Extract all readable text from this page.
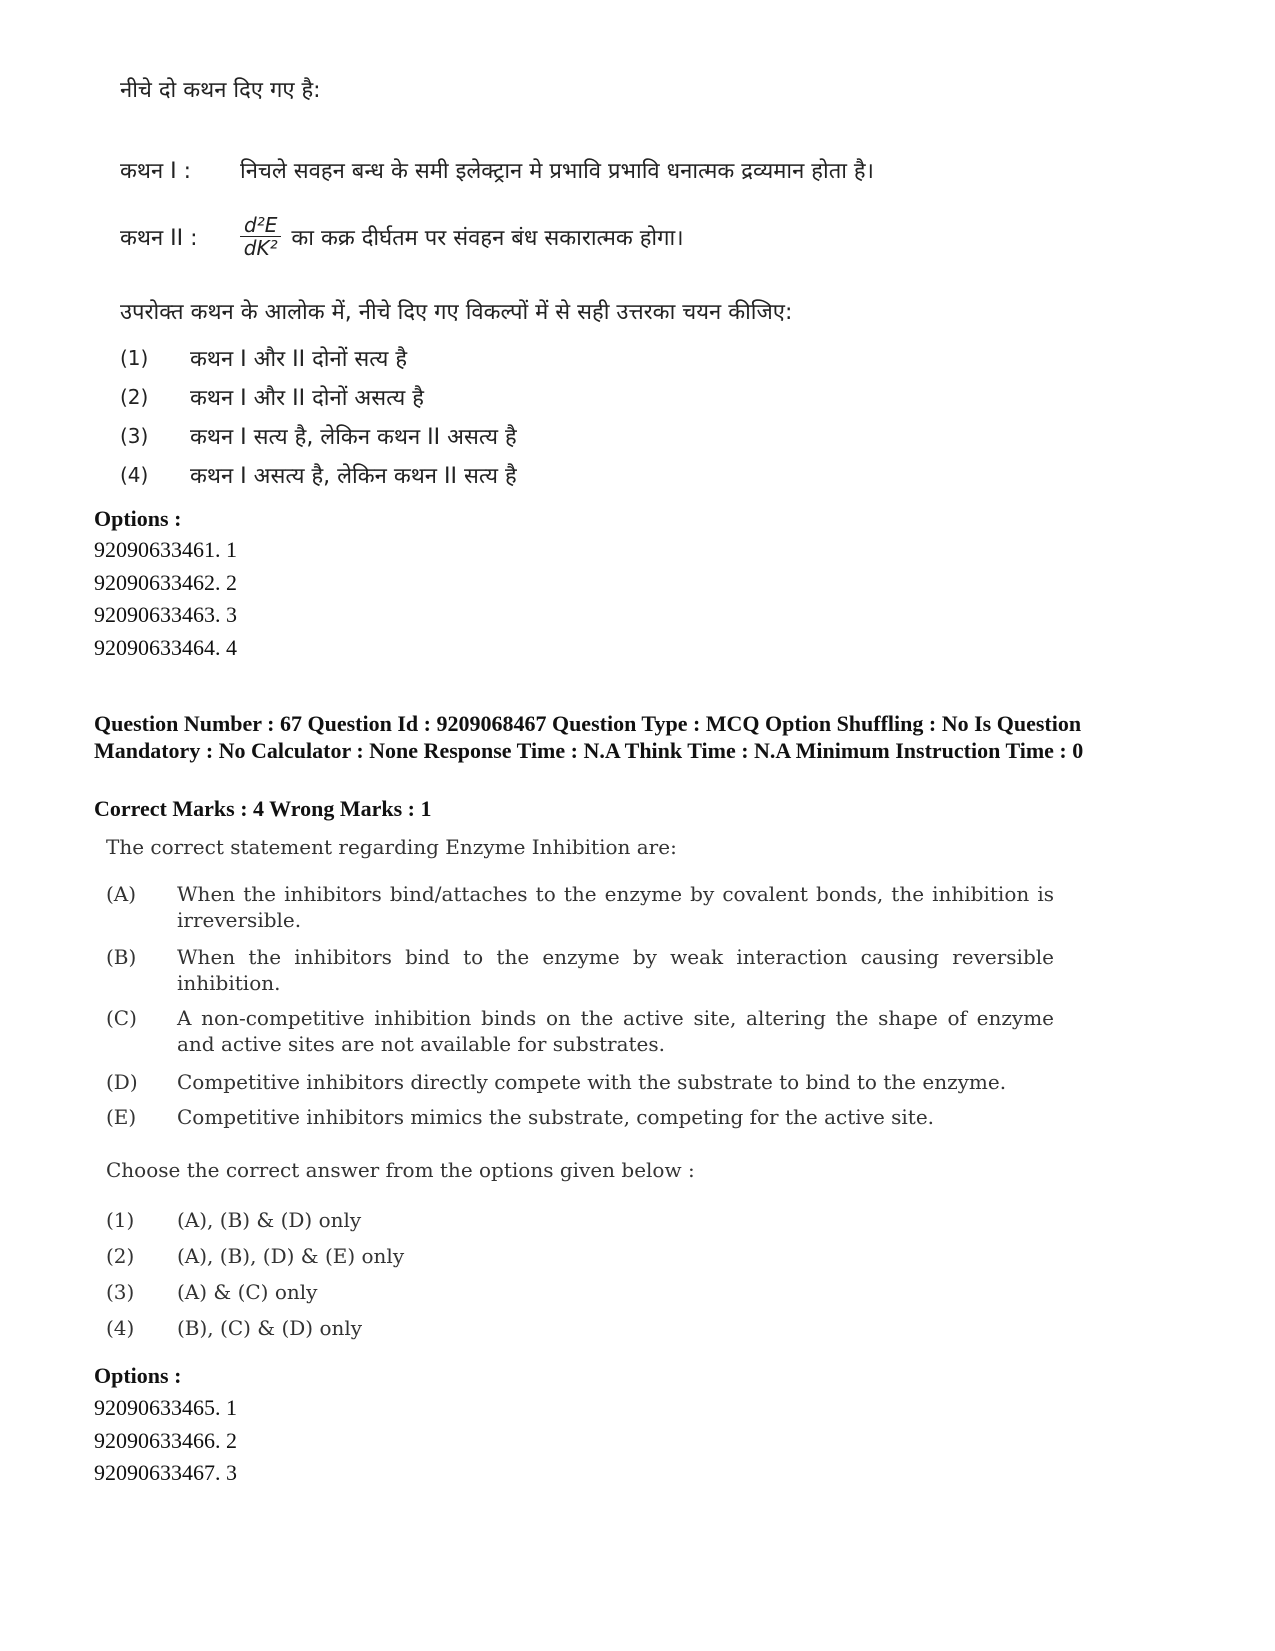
नीचे दो कथन दिए गए है:
कथन I :	निचले सवहन बन्ध के समी इलेक्ट्रान मे प्रभावि प्रभावि धनात्मक द्रव्यमान होता है।
कथन II :	$\frac{\text{d²E}}{\text{dK²}}$ का कक्र दीर्घतम पर संवहन बंध सकारात्मक होगा।
उपरोक्त कथन के आलोक में, नीचे दिए गए विकल्पों में से सही उत्तरका चयन कीजिए:
(1)	कथन I और II दोनों सत्य है
(2)	कथन I और II दोनों असत्य है
(3)	कथन I सत्य है, लेकिन कथन II असत्य है
(4)	कथन I असत्य है, लेकिन कथन II सत्य है
Options :
92090633461. 1
92090633462. 2
92090633463. 3
92090633464. 4
Question Number : 67 Question Id : 9209068467 Question Type : MCQ Option Shuffling : No Is Question Mandatory : No Calculator : None Response Time : N.A Think Time : N.A Minimum Instruction Time : 0
Correct Marks : 4 Wrong Marks : 1
The correct statement regarding Enzyme Inhibition are:
(A)	When the inhibitors bind/attaches to the enzyme by covalent bonds, the inhibition is irreversible.
(B)	When the inhibitors bind to the enzyme by weak interaction causing reversible inhibition.
(C)	A non-competitive inhibition binds on the active site, altering the shape of enzyme and active sites are not available for substrates.
(D)	Competitive inhibitors directly compete with the substrate to bind to the enzyme.
(E)	Competitive inhibitors mimics the substrate, competing for the active site.
Choose the correct answer from the options given below :
(1)	(A), (B) & (D) only
(2)	(A), (B), (D) & (E) only
(3)	(A) & (C) only
(4)	(B), (C) & (D) only
Options :
92090633465. 1
92090633466. 2
92090633467. 3
